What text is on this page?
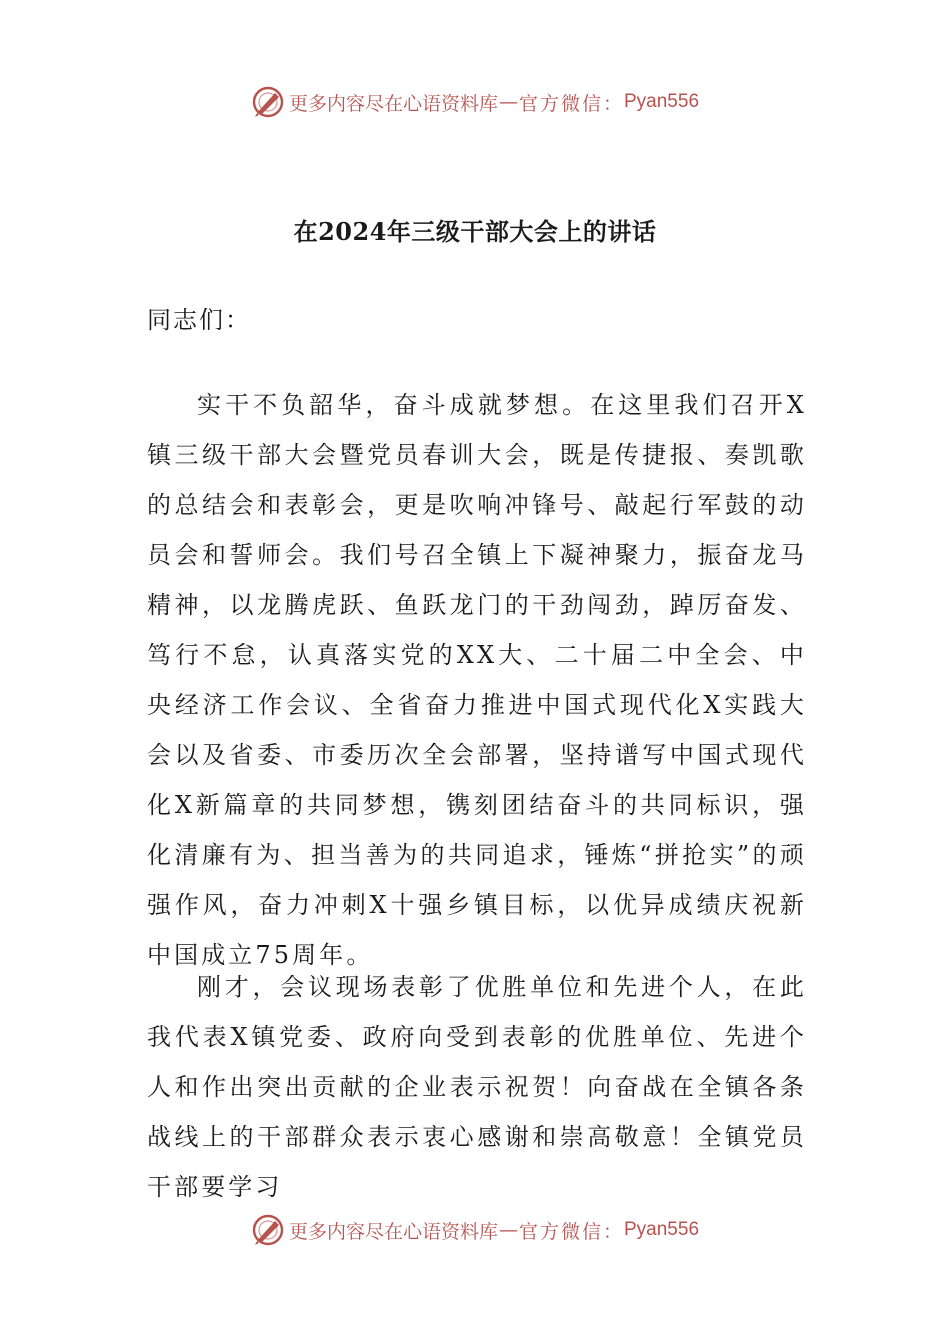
更多内容尽在心语资料库 — 官方微信： Pyan556
在2024年三级干部大会上的讲话
同志们：

实干不负韶华，奋斗成就梦想。在这里我们召开X镇三级干部大会暨党员春训大会，既是传捷报、奏凯歌的总结会和表彰会，更是吹响冲锋号、敲起行军鼓的动员会和誓师会。我们号召全镇上下凝神聚力，振奋龙马精神，以龙腾虎跃、鱼跃龙门的干劲闯劲，踔厉奋发、笃行不怠，认真落实党的XX大、二十届二中全会、中央经济工作会议、全省奋力推进中国式现代化X实践大会以及省委、市委历次全会部署，坚持谱写中国式现代化X新篇章的共同梦想，镌刻团结奋斗的共同标识，强化清廉有为、担当善为的共同追求，锤炼“拼抢实”的顽强作风，奋力冲刺X十强乡镇目标，以优异成绩庆祝新中国成立75周年。

刚才，会议现场表彰了优胜单位和先进个人，在此我代表X镇党委、政府向受到表彰的优胜单位、先进个人和作出突出贡献的企业表示祝贺！向奋战在全镇各条战线上的干部群众表示衷心感谢和崇高敬意！全镇党员干部要学习

更多内容尽在心语资料库 — 官方微信： Pyan556
